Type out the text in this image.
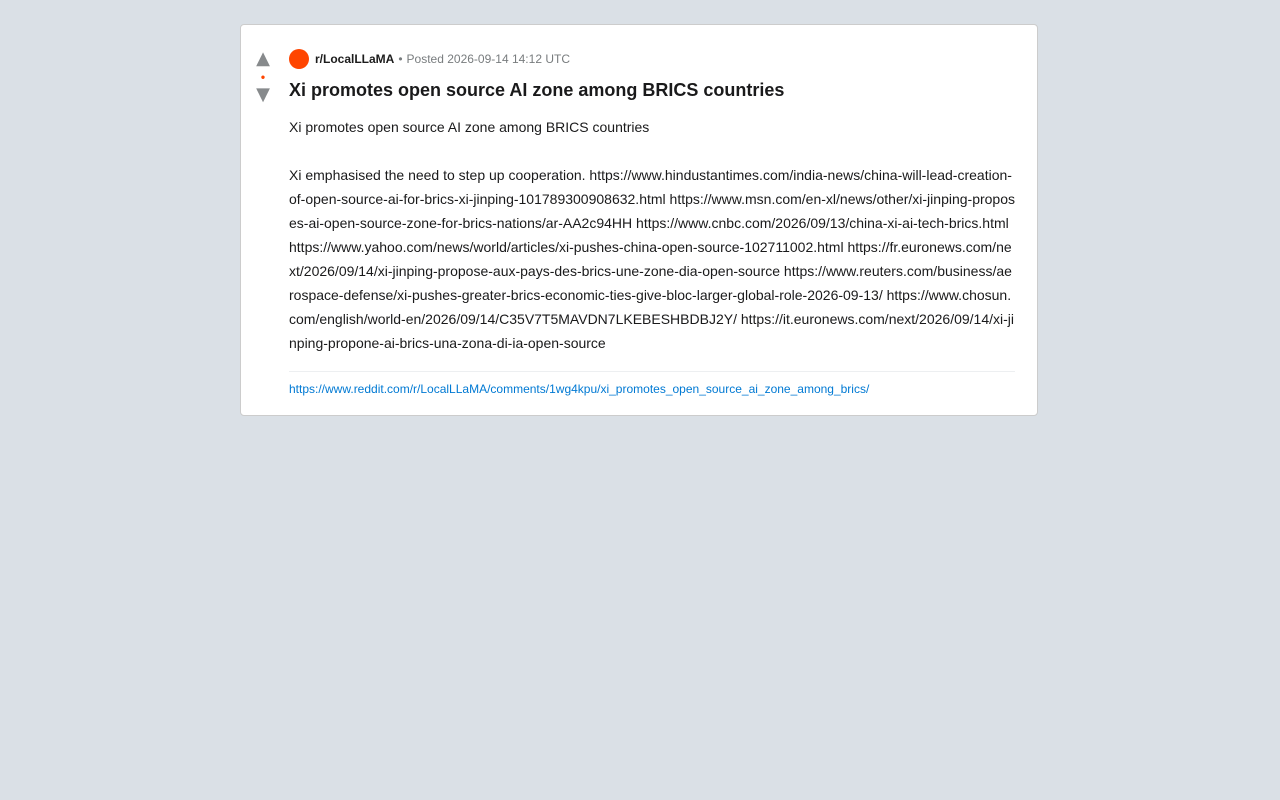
▲
•
▼
r/LocalLLaMA • Posted 2026-09-14 14:12 UTC
Xi promotes open source AI zone among BRICS countries

Xi promotes open source AI zone among BRICS countries

Xi emphasised the need to step up cooperation. https://www.hindustantimes.com/india-news/china-will-lead-creation-of-open-source-ai-for-brics-xi-jinping-101789300908632.html https://www.msn.com/en-xl/news/other/xi-jinping-proposes-ai-open-source-zone-for-brics-nations/ar-AA2c94HH https://www.cnbc.com/2026/09/13/china-xi-ai-tech-brics.html https://www.yahoo.com/news/world/articles/xi-pushes-china-open-source-102711002.html https://fr.euronews.com/next/2026/09/14/xi-jinping-propose-aux-pays-des-brics-une-zone-dia-open-source https://www.reuters.com/business/aerospace-defense/xi-pushes-greater-brics-economic-ties-give-bloc-larger-global-role-2026-09-13/ https://www.chosun.com/english/world-en/2026/09/14/C35V7T5MAVDN7LKEBESHBDBJ2Y/ https://it.euronews.com/next/2026/09/14/xi-jinping-propone-ai-brics-una-zona-di-ia-open-source

https://www.reddit.com/r/LocalLLaMA/comments/1wg4kpu/xi_promotes_open_source_ai_zone_among_brics/
